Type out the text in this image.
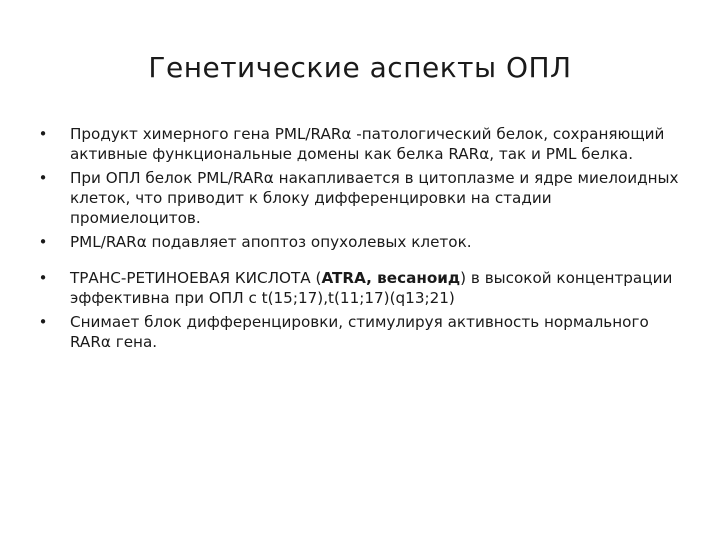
Генетические аспекты ОПЛ
• Продукт химерного гена PML/RARα -патологический белок, сохраняющий активные функциональные домены как белка RARα, так и PML белка.
• При ОПЛ белок PML/RARα накапливается в цитоплазме и ядре миелоидных клеток, что приводит к блоку дифференцировки на стадии промиелоцитов.
• PML/RARα подавляет апоптоз опухолевых клеток.
• ТРАНС-РЕТИНОЕВАЯ КИСЛОТА (ATRA, весаноид) в высокой концентрации эффективна при ОПЛ с t(15;17),t(11;17)(q13;21)
• Снимает блок дифференцировки, стимулируя активность нормального RARα гена.
